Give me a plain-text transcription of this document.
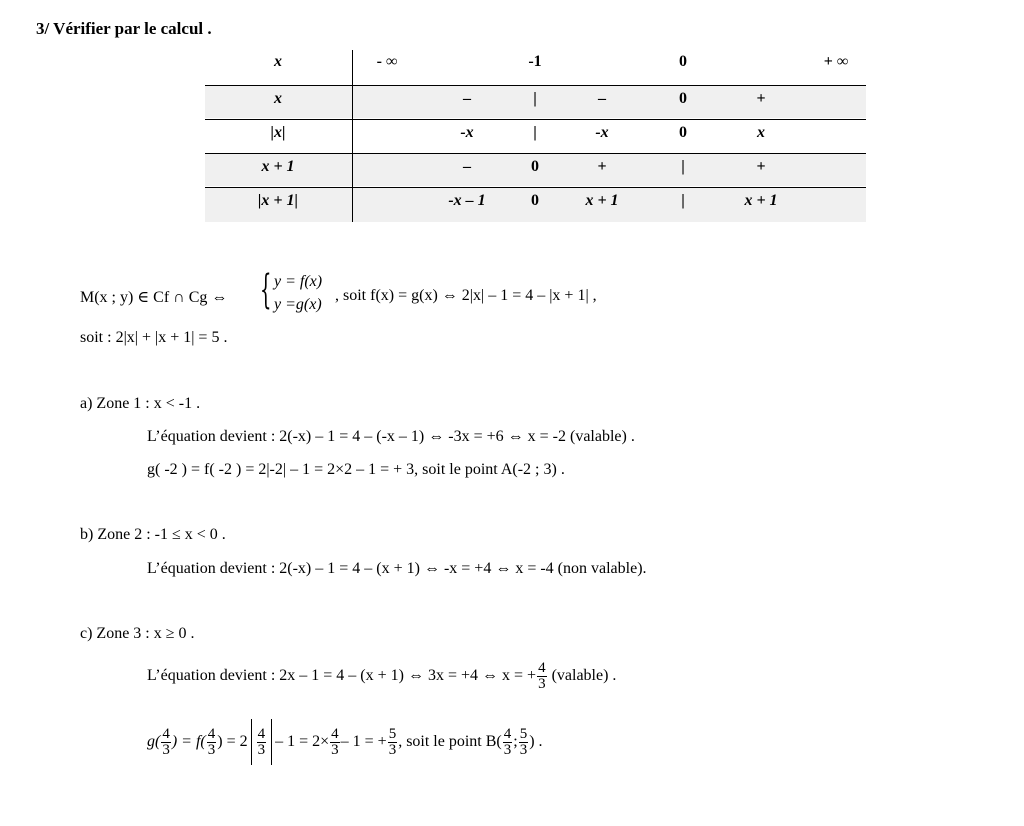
3/ Vérifier par le calcul .
x	- ∞	-1	0	+ ∞
x	–	|	–	0	+
|x|	-x	|	-x	0	x
x + 1	–	0	+	|	+
|x + 1|	-x – 1	0	x + 1	|	x + 1
M(x ; y) ∈ Cf ∩ Cg ⇔ { y = f(x)
y =g(x)
, soit f(x) = g(x) ⇔ 2|x| – 1 = 4 – |x + 1| ,
soit : 2|x| + |x + 1| = 5 .
a) Zone 1 : x < -1 .
L’équation devient : 2(-x) – 1 = 4 – (-x – 1) ⇔ -3x = +6 ⇔ x = -2 (valable) .
g( -2 ) = f( -2 ) = 2|-2| – 1 = 2×2 – 1 = + 3, soit le point A(-2 ; 3) .
b) Zone 2 : -1 ≤ x < 0 .
L’équation devient : 2(-x) – 1 = 4 – (x + 1) ⇔ -x = +4 ⇔ x = -4 (non valable).
c) Zone 3 : x ≥ 0 .
L’équation devient : 2x – 1 = 4 – (x + 1) ⇔ 3x = +4 ⇔ x = + $\frac{4}{3}$ (valable) .
$g( \frac{4}{3}$ ) = $f( \frac{4}{3}$ ) = $2 \frac{4}{3} - 1 = 2\times \frac{4}{3} - 1$ = + $\frac{5}{3}$ , soit le point $B( \frac{4}{3}$ ; $\frac{5}{3}$ ) .
